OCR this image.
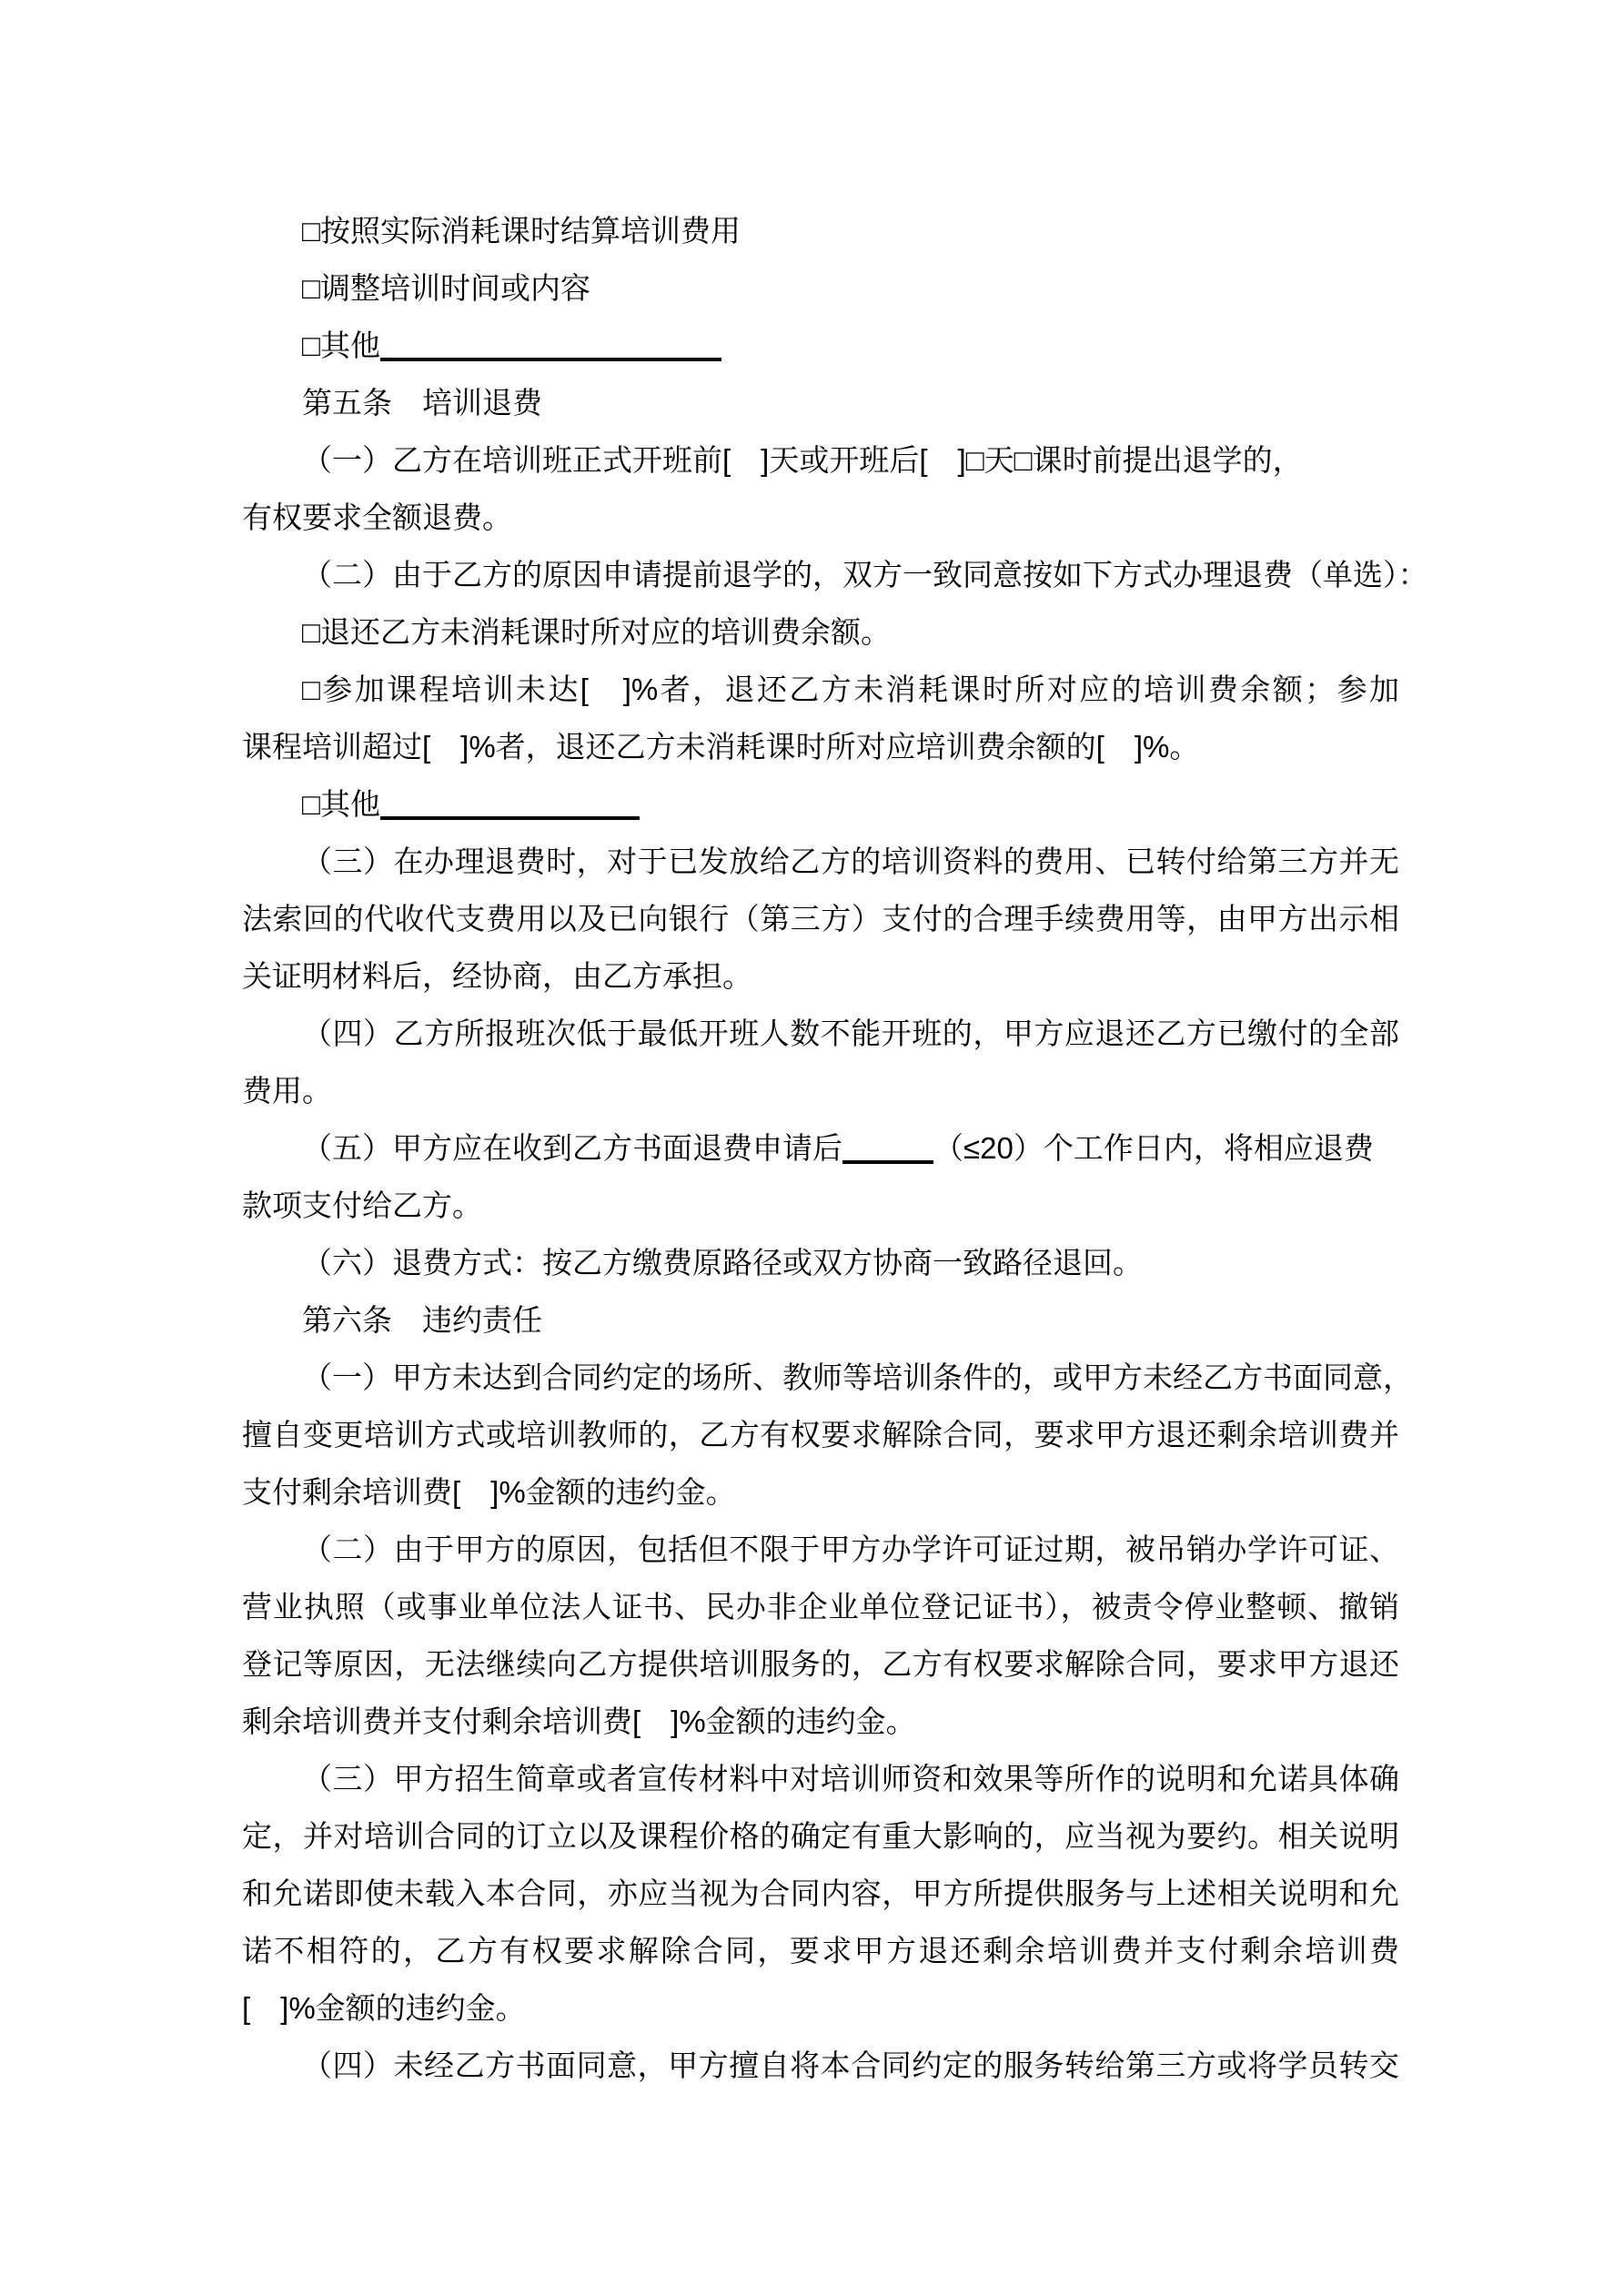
□按照实际消耗课时结算培训费用
□调整培训时间或内容
□其他
第五条　培训退费
（一）乙方在培训班正式开班前[　]天或开班后[　]□天□课时前提出退学的，
有权要求全额退费。
（二）由于乙方的原因申请提前退学的，双方一致同意按如下方式办理退费（单选）：
□退还乙方未消耗课时所对应的培训费余额。
□参加课程培训未达[　]%者，退还乙方未消耗课时所对应的培训费余额；参加
课程培训超过[　]%者，退还乙方未消耗课时所对应培训费余额的[　]%。
□其他
（三）在办理退费时，对于已发放给乙方的培训资料的费用、已转付给第三方并无
法索回的代收代支费用以及已向银行（第三方）支付的合理手续费用等，由甲方出示相
关证明材料后，经协商，由乙方承担。
（四）乙方所报班次低于最低开班人数不能开班的，甲方应退还乙方已缴付的全部
费用。
（五）甲方应在收到乙方书面退费申请后	（≤20）个工作日内，将相应退费
款项支付给乙方。
（六）退费方式：按乙方缴费原路径或双方协商一致路径退回。
第六条　违约责任
（一）甲方未达到合同约定的场所、教师等培训条件的，或甲方未经乙方书面同意，
擅自变更培训方式或培训教师的，乙方有权要求解除合同，要求甲方退还剩余培训费并
支付剩余培训费[　]%金额的违约金。
（二）由于甲方的原因，包括但不限于甲方办学许可证过期，被吊销办学许可证、
营业执照（或事业单位法人证书、民办非企业单位登记证书），被责令停业整顿、撤销
登记等原因，无法继续向乙方提供培训服务的，乙方有权要求解除合同，要求甲方退还
剩余培训费并支付剩余培训费[　]%金额的违约金。
（三）甲方招生简章或者宣传材料中对培训师资和效果等所作的说明和允诺具体确
定，并对培训合同的订立以及课程价格的确定有重大影响的，应当视为要约。相关说明
和允诺即使未载入本合同，亦应当视为合同内容，甲方所提供服务与上述相关说明和允
诺不相符的，乙方有权要求解除合同，要求甲方退还剩余培训费并支付剩余培训费
[　]%金额的违约金。
（四）未经乙方书面同意，甲方擅自将本合同约定的服务转给第三方或将学员转交
